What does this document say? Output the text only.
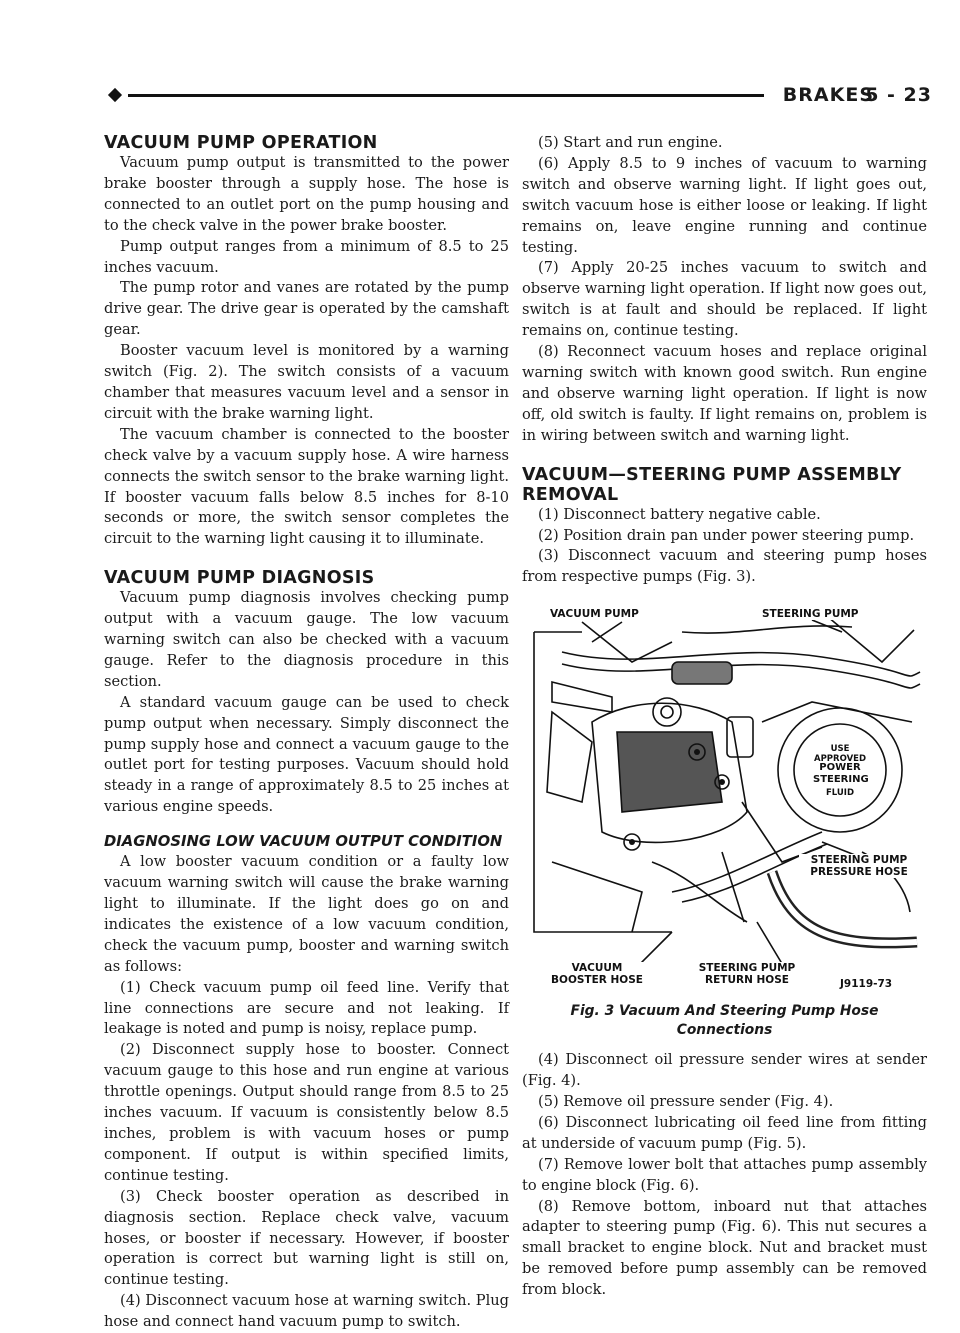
BRAKES
5 - 23
VACUUM PUMP OPERATION

Vacuum pump output is transmitted to the power brake booster through a supply hose. The hose is connected to an outlet port on the pump housing and to the check valve in the power brake booster.

Pump output ranges from a minimum of 8.5 to 25 inches vacuum.

The pump rotor and vanes are rotated by the pump drive gear. The drive gear is operated by the camshaft gear.

Booster vacuum level is monitored by a warning switch (Fig. 2). The switch consists of a vacuum chamber that measures vacuum level and a sensor in circuit with the brake warning light.

The vacuum chamber is connected to the booster check valve by a vacuum supply hose. A wire harness connects the switch sensor to the brake warning light. If booster vacuum falls below 8.5 inches for 8-10 seconds or more, the switch sensor completes the circuit to the warning light causing it to illuminate.

VACUUM PUMP DIAGNOSIS

Vacuum pump diagnosis involves checking pump output with a vacuum gauge. The low vacuum warning switch can also be checked with a vacuum gauge. Refer to the diagnosis procedure in this section.

A standard vacuum gauge can be used to check pump output when necessary. Simply disconnect the pump supply hose and connect a vacuum gauge to the outlet port for testing purposes. Vacuum should hold steady in a range of approximately 8.5 to 25 inches at various engine speeds.

DIAGNOSING LOW VACUUM OUTPUT CONDITION

A low booster vacuum condition or a faulty low vacuum warning switch will cause the brake warning light to illuminate. If the light does go on and indicates the existence of a low vacuum condition, check the vacuum pump, booster and warning switch as follows:

(1) Check vacuum pump oil feed line. Verify that line connections are secure and not leaking. If leakage is noted and pump is noisy, replace pump.

(2) Disconnect supply hose to booster. Connect vacuum gauge to this hose and run engine at various throttle openings. Output should range from 8.5 to 25 inches vacuum. If vacuum is consistently below 8.5 inches, problem is with vacuum hoses or pump component. If output is within specified limits, continue testing.

(3) Check booster operation as described in diagnosis section. Replace check valve, vacuum hoses, or booster if necessary. However, if booster operation is correct but warning light is still on, continue testing.

(4) Disconnect vacuum hose at warning switch. Plug hose and connect hand vacuum pump to switch.

(5) Start and run engine.

(6) Apply 8.5 to 9 inches of vacuum to warning switch and observe warning light. If light goes out, switch vacuum hose is either loose or leaking. If light remains on, leave engine running and continue testing.

(7) Apply 20-25 inches vacuum to switch and observe warning light operation. If light now goes out, switch is at fault and should be replaced. If light remains on, continue testing.

(8) Reconnect vacuum hoses and replace original warning switch with known good switch. Run engine and observe warning light operation. If light is now off, old switch is faulty. If light remains on, problem is in wiring between switch and warning light.

VACUUM—STEERING PUMP ASSEMBLY REMOVAL

(1) Disconnect battery negative cable.

(2) Position drain pan under power steering pump.

(3) Disconnect vacuum and steering pump hoses from respective pumps (Fig. 3).

VACUUM PUMP	STEERING PUMP
USE APPROVED
POWER STEERING
FLUID
STEERING PUMP PRESSURE HOSE
VACUUM BOOSTER HOSE
STEERING PUMP RETURN HOSE	J9119-73
Fig. 3 Vacuum And Steering Pump Hose Connections

(4) Disconnect oil pressure sender wires at sender (Fig. 4).

(5) Remove oil pressure sender (Fig. 4).

(6) Disconnect lubricating oil feed line from fitting at underside of vacuum pump (Fig. 5).

(7) Remove lower bolt that attaches pump assembly to engine block (Fig. 6).

(8) Remove bottom, inboard nut that attaches adapter to steering pump (Fig. 6). This nut secures a small bracket to engine block. Nut and bracket must be removed before pump assembly can be removed from block.
